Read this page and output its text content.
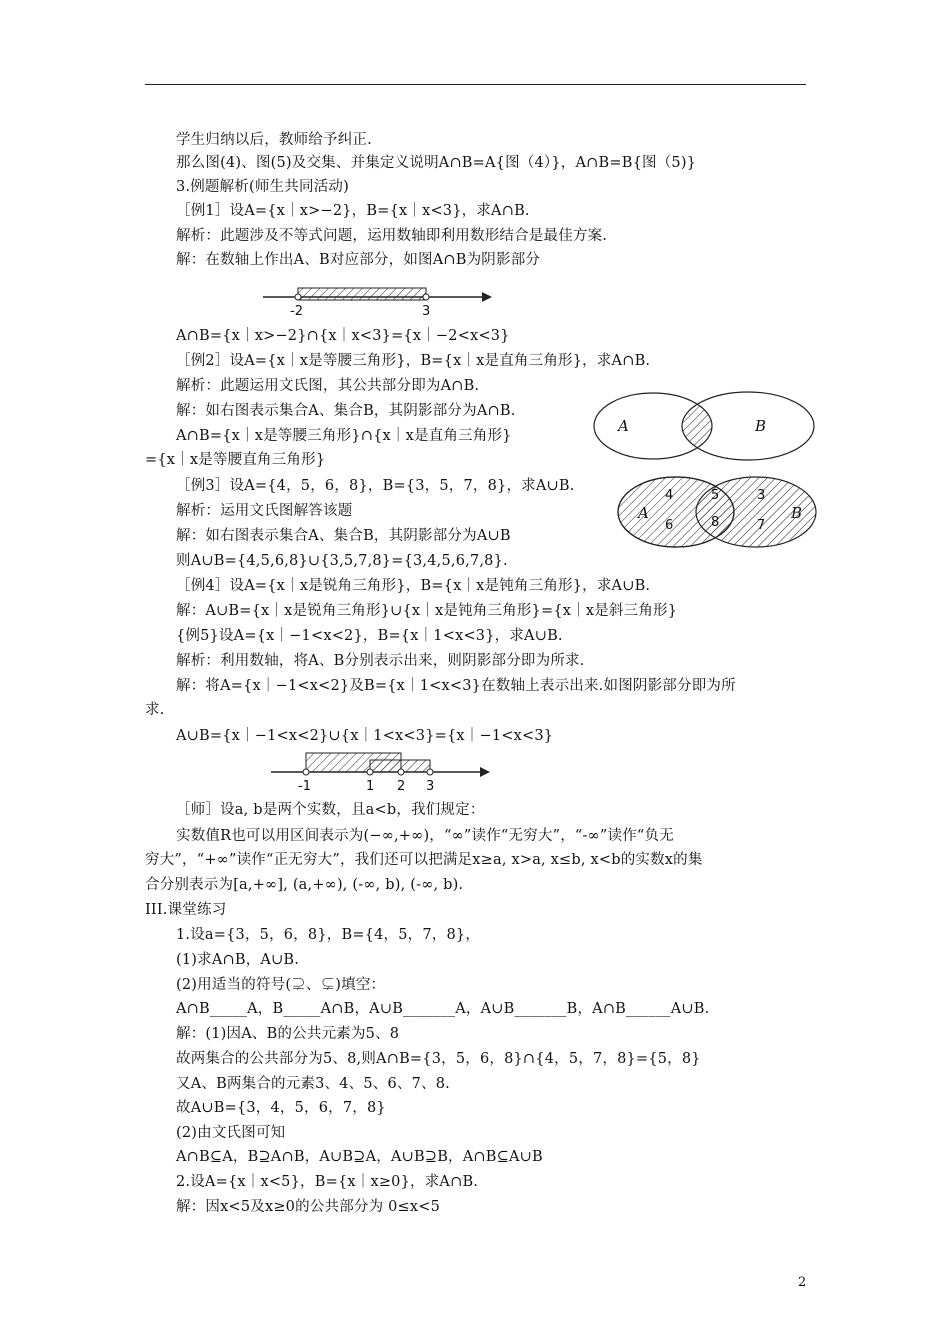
学生归纳以后，教师给予纠正.
那么图(4)、图(5)及交集、并集定义说明A∩B=A{图（4）}，A∩B=B{图（5)}
3.例题解析(师生共同活动)
［例1］设A={x｜x>−2}，B={x｜x<3}，求A∩B.
解析：此题涉及不等式问题，运用数轴即利用数形结合是最佳方案.
解：在数轴上作出A、B对应部分，如图A∩B为阴影部分
-2	3
A∩B={x｜x>−2}∩{x｜x<3}={x｜−2<x<3}
［例2］设A={x｜x是等腰三角形}，B={x｜x是直角三角形}，求A∩B.
解析：此题运用文氏图，其公共部分即为A∩B.
解：如右图表示集合A、集合B，其阴影部分为A∩B.
A∩B={x｜x是等腰三角形}∩{x｜x是直角三角形}
={x｜x是等腰直角三角形}
A	B
［例3］设A={4，5，6，8}，B={3，5，7，8}，求A∪B.
解析：运用文氏图解答该题
解：如右图表示集合A、集合B，其阴影部分为A∪B
则A∪B={4,5,6,8}∪{3,5,7,8}={3,4,5,6,7,8}.
A	B
4
6
5
8
3
7
［例4］设A={x｜x是锐角三角形}，B={x｜x是钝角三角形}，求A∪B.
解：A∪B={x｜x是锐角三角形}∪{x｜x是钝角三角形}={x｜x是斜三角形}
{例5}设A={x｜−1<x<2}，B={x｜1<x<3}，求A∪B.
解析：利用数轴，将A、B分别表示出来，则阴影部分即为所求.
解：将A={x｜−1<x<2}及B={x｜1<x<3}在数轴上表示出来.如图阴影部分即为所
求.
A∪B={x｜−1<x<2}∪{x｜1<x<3}={x｜−1<x<3}
-1	1 2 3
［师］设a, b是两个实数，且a<b，我们规定：
实数值R也可以用区间表示为(−∞,+∞)，“∞”读作“无穷大”，“-∞”读作“负无
穷大”，“+∞”读作“正无穷大”，我们还可以把满足x≥a, x>a, x≤b, x<b的实数x的集
合分别表示为[a,+∞], (a,+∞), (-∞, b), (-∞, b).
III.课堂练习
1.设a={3，5，6，8}，B={4，5，7，8}，
(1)求A∩B，A∪B.
(2)用适当的符号(⊋、⊊)填空：
A∩B_____A，B_____A∩B，A∪B_______A，A∪B_______B，A∩B______A∪B.
解：(1)因A、B的公共元素为5、8
故两集合的公共部分为5、8,则A∩B={3，5，6，8}∩{4，5，7，8}={5，8}
又A、B两集合的元素3、4、5、6、7、8.
故A∪B={3，4，5，6，7，8}
(2)由文氏图可知
A∩B⊆A，B⊇A∩B，A∪B⊇A，A∪B⊇B，A∩B⊆A∪B
2.设A={x｜x<5}，B={x｜x≥0}，求A∩B.
解：因x<5及x≥0的公共部分为 0≤x<5
2
